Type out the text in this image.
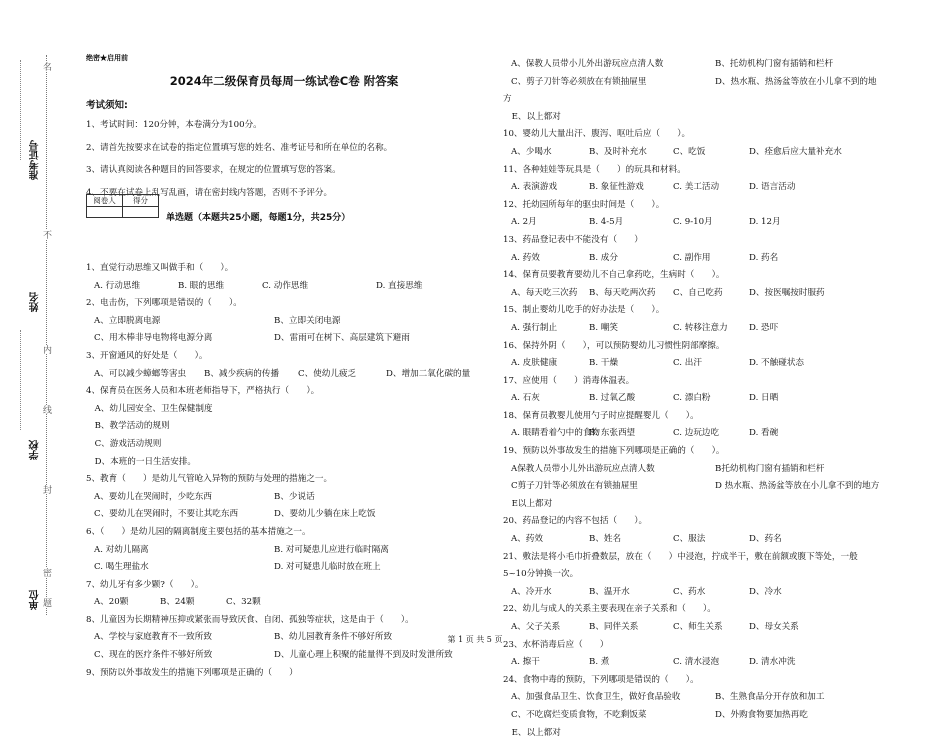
准考证号
姓名
学校
单位
名
不
内
线
封
密
题
绝密★启用前
2024年二级保育员每周一练试卷C卷 附答案
考试须知:
1、考试时间：120分钟，本卷满分为100分。
2、请首先按要求在试卷的指定位置填写您的姓名、准考证号和所在单位的名称。
3、请认真阅读各种题目的回答要求，在规定的位置填写您的答案。
4、不要在试卷上乱写乱画，请在密封线内答题，否则不予评分。
阅卷人	得分

单选题（本题共25小题，每题1分，共25分）
1、直觉行动思维又叫做手和（　　）。
A. 行动思维	B. 眼的思维	C. 动作思维	D. 直接思维
2、电击伤，下列哪项是错误的（　　）。
A、立即脱离电源	B、立即关闭电源
C、用木棒非导电物将电源分离	D、雷雨可在树下、高层建筑下避雨
3、开窗通风的好处是（　　）。
A、可以减少蟑螂等害虫 B、减少疾病的传播 C、使幼儿疲乏	D、增加二氧化碳的量
4、保育员在医务人员和本班老师指导下，严格执行（　　）。
　A、幼儿园安全、卫生保健制度
　B、教学活动的规则
　C、游戏活动规则
　D、本班的一日生活安排。
5、教育（　　）是幼儿气管呛入异物的预防与处理的措施之一。
A、要幼儿在哭闹时，少吃东西	B、少说话
C、要幼儿在哭闹时，不要让其吃东西	D、要幼儿少躺在床上吃饭
6、（　　）是幼儿园的隔离制度主要包括的基本措施之一。
A. 对幼儿隔离	B. 对可疑患儿应进行临时隔离
C. 喝生理盐水	D. 对可疑患儿临时放在班上
7、幼儿牙有多少颗?（　　）。
A、20颗	B、24颗	C、32颗
8、儿童因为长期精神压抑或紧张而导致厌食、自闭、孤独等症状，这是由于（　　）。
A、学校与家庭教育不一致所致	B、幼儿园教育条件不够好所致
C、现在的医疗条件不够好所致	D、儿童心理上积聚的能量得不到及时发泄所致
9、预防以外事故发生的措施下列哪项是正确的（　　）
A、保教人员带小儿外出游玩应点清人数	B、托幼机构门窗有插销和栏杆
C、剪子刀针等必须放在有锁抽屉里	D、热水瓶、热汤盆等放在小儿拿不到的地
方
　E、以上都对
10、婴幼儿大量出汗、腹泻、呕吐后应（　　）。
A、少喝水	B、及时补充水	C、吃饭	D、痊愈后应大量补充水
11、各种娃娃等玩具是（　　）的玩具和材料。
A. 表演游戏	B. 象征性游戏	C. 美工活动	D. 语言活动
12、托幼园所每年的驱虫时间是（　　）。
A. 2月	B. 4-5月	C. 9-10月	D. 12月
13、药品登记表中不能没有（　　）
A. 药效	B. 成分	C. 副作用	D. 药名
14、保育员要教育要幼儿不自己拿药吃，生病时（　　）。
A、每天吃三次药 B、每天吃两次药 C、自己吃药	D、按医嘱按时服药
15、制止婴幼儿吃手的好办法是（　　）。
A. 强行制止	B. 嘲笑	C. 转移注意力 D. 恐吓
16、保持外阴（　　），可以预防婴幼儿习惯性阴部摩擦。
A. 皮肤健康	B. 干燥	C. 出汗	D. 不触碰状态
17、应使用（　　）消毒体温表。
A. 石灰	B. 过氧乙酸	C. 漂白粉	D. 日晒
18、保育员教婴儿使用勺子时应提醒婴儿（　　）。
A. 眼睛看着勺中的食物
B. 东张西望	C. 边玩边吃	D. 看碗
19、预防以外事故发生的措施下列哪项是正确的（　　）。
A保教人员带小儿外出游玩应点清人数	B托幼机构门窗有插销和栏杆
C剪子刀针等必须放在有锁抽屉里	D 热水瓶、热汤盆等放在小儿拿不到的地方
　E以上都对
20、药品登记的内容不包括（　　）。
A、药效	B、姓名	C、服法	D、药名
21、敷法是将小毛巾折叠数层，放在（　　）中浸泡，拧成半干，敷在前额或腹下等处，一般
5~10分钟换一次。
A、冷开水	B、温开水	C、药水	D、冷水
22、幼儿与成人的关系主要表现在亲子关系和（　　）。
A、父子关系	B、同伴关系	C、师生关系	D、母女关系
23、水杯消毒后应（　　）
A. 擦干	B. 煮	C. 清水浸泡	D. 清水冲洗
24、食物中毒的预防，下列哪项是错误的（　　）。
A、加强食品卫生、饮食卫生，做好食品验收	B、生熟食品分开存放和加工
C、不吃腐烂变质食物，不吃剩饭菜	D、外购食物要加热再吃
　E、以上都对
第 1 页 共 5 页
